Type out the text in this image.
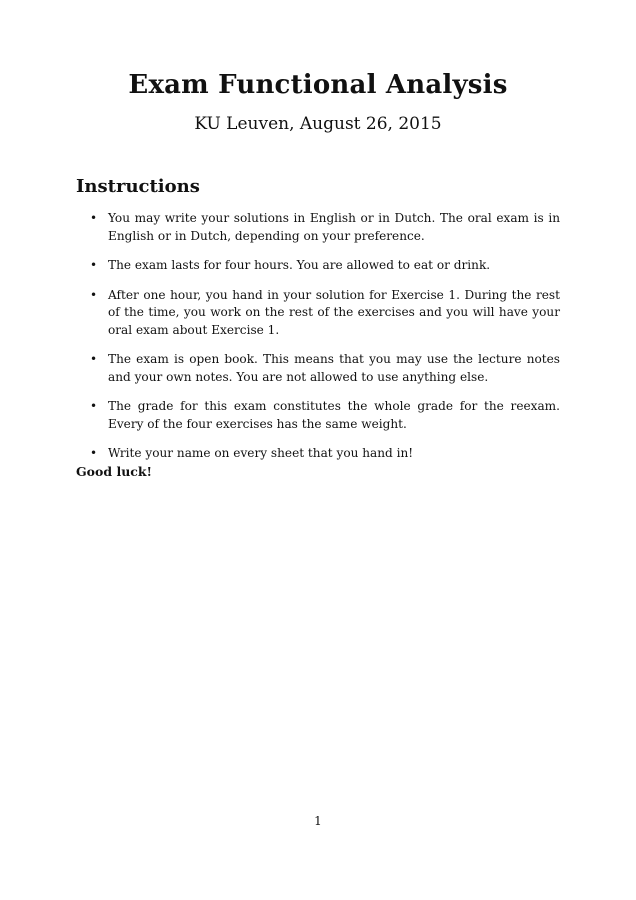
Exam Functional Analysis
KU Leuven, August 26, 2015
Instructions
• You may write your solutions in English or in Dutch. The oral exam is in English or in Dutch, depending on your preference.
• The exam lasts for four hours. You are allowed to eat or drink.
• After one hour, you hand in your solution for Exercise 1. During the rest of the time, you work on the rest of the exercises and you will have your oral exam about Exercise 1.
• The exam is open book. This means that you may use the lecture notes and your own notes. You are not allowed to use anything else.
• The grade for this exam constitutes the whole grade for the reexam. Every of the four exercises has the same weight.
• Write your name on every sheet that you hand in!
Good luck!
1
